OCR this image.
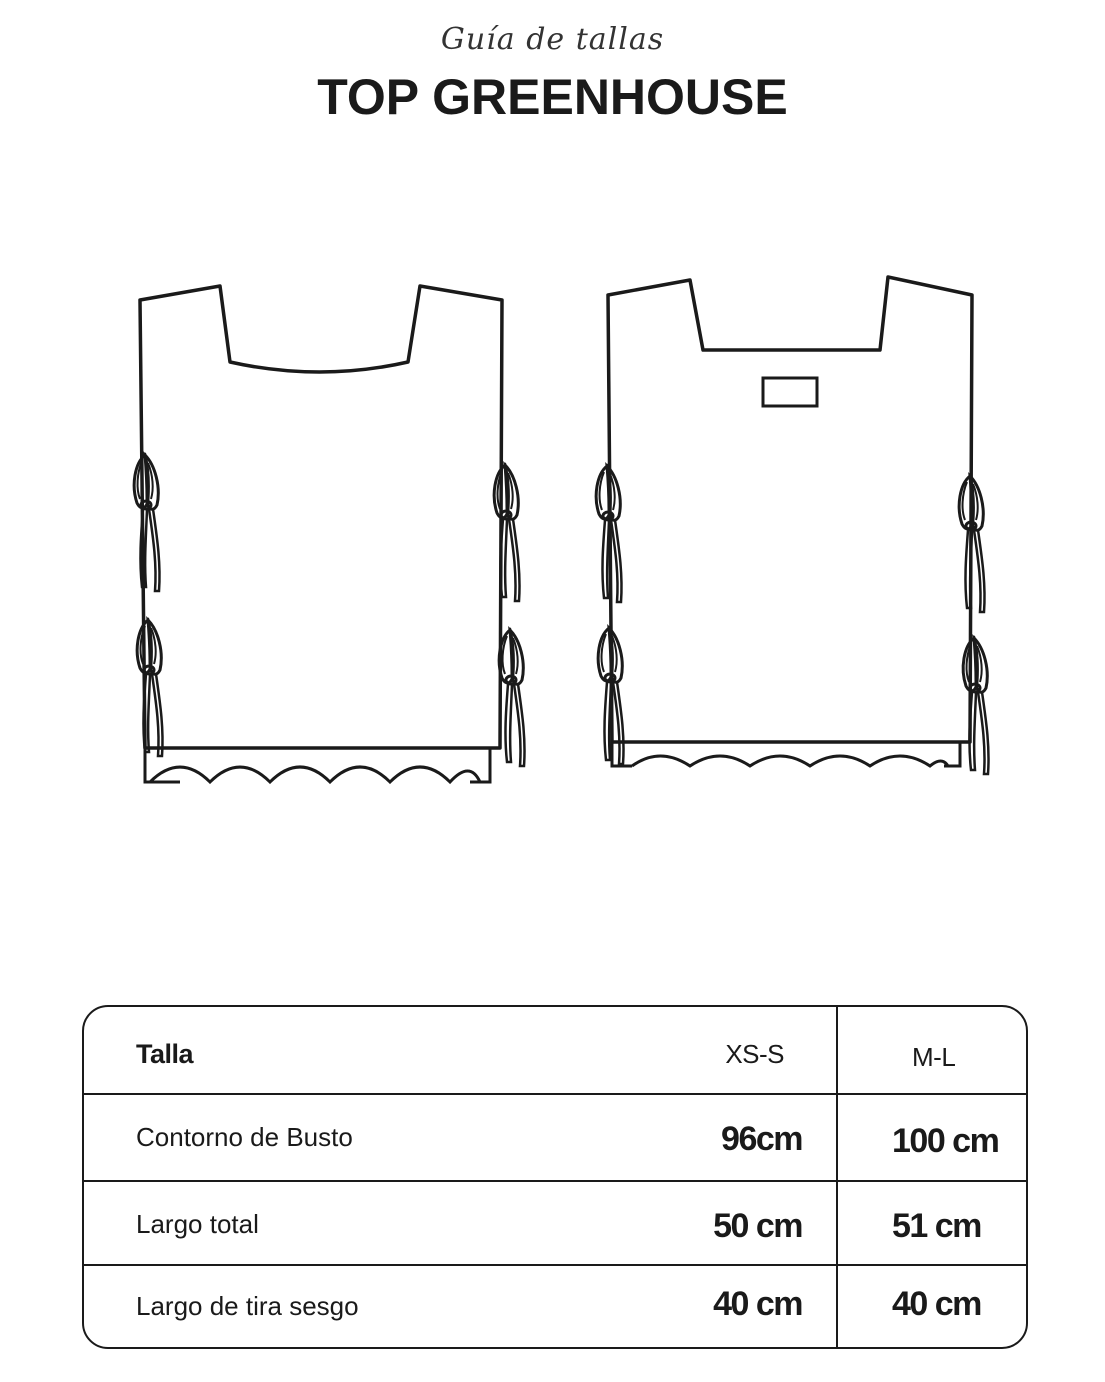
Guía de tallas
TOP GREENHOUSE
Talla	XS-S	M-L
Contorno de Busto	96cm	100 cm
Largo total	50 cm	51 cm
Largo de tira sesgo	40 cm	40 cm
